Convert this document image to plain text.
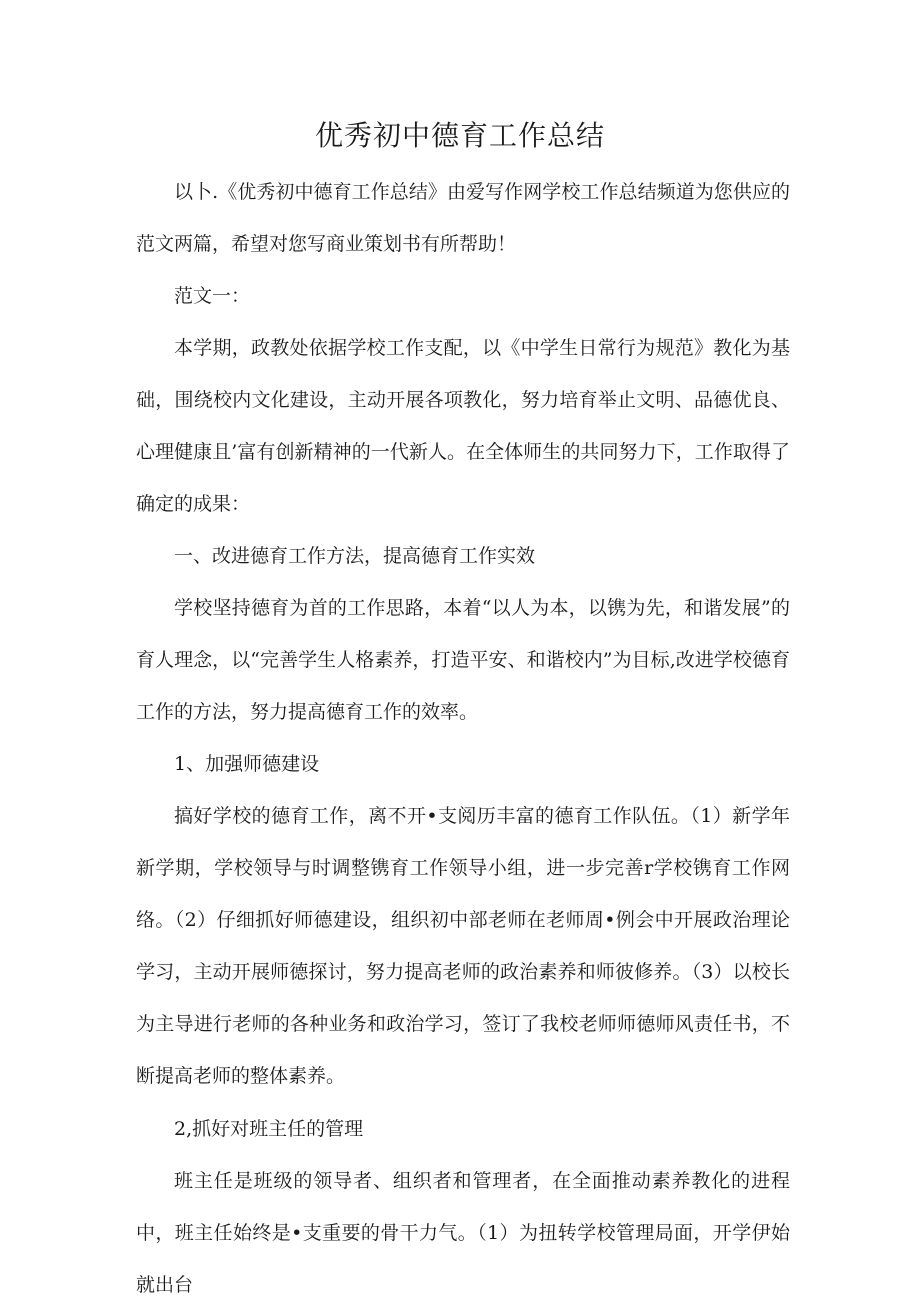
优秀初中德育工作总结

以卜.《优秀初中德育工作总结》由爱写作网学校工作总结频道为您供应的范文两篇，希望对您写商业策划书有所帮助！

范文一：

本学期，政教处依据学校工作支配，以《中学生日常行为规范》教化为基础，围绕校内文化建设，主动开展各项教化，努力培育举止文明、品德优良、心理健康且’富有创新精神的一代新人。在全体师生的共同努力下，工作取得了确定的成果：

一、改进德育工作方法，提高德育工作实效

学校坚持德育为首的工作思路，本着“以人为本，以镌为先，和谐发展”的育人理念，以“完善学生人格素养，打造平安、和谐校内”为目标,改进学校德育工作的方法，努力提高德育工作的效率。

1、加强师德建设

搞好学校的德育工作，离不开•支阅历丰富的德育工作队伍。（1）新学年新学期，学校领导与时调整镌育工作领导小组，进一步完善r学校镌育工作网络。（2）仔细抓好师德建设，组织初中部老师在老师周•例会中开展政治理论学习，主动开展师德探讨，努力提高老师的政治素养和师彼修养。（3）以校长为主导进行老师的各种业务和政治学习，签订了我校老师师德师风责任书，不断提高老师的整体素养。

2,抓好对班主任的管理

班主任是班级的领导者、组织者和管理者，在全面推动素养教化的进程中，班主任始终是•支重要的骨干力气。（1）为扭转学校管理局面，开学伊始就出台
